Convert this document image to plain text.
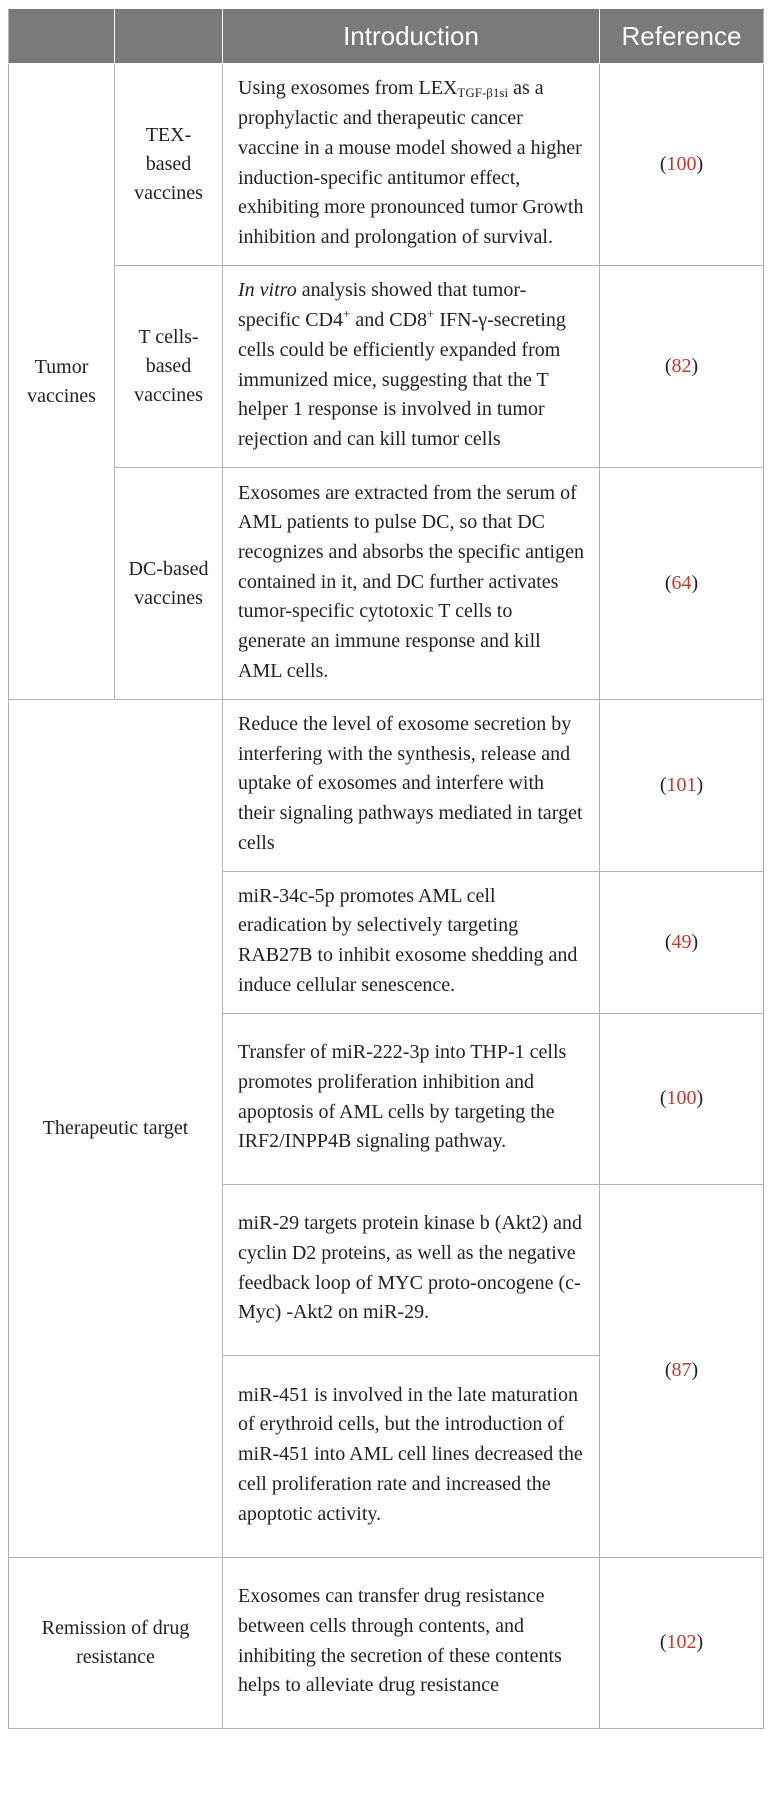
		Introduction	Reference
Tumor vaccines	TEX-based vaccines	Using exosomes from $LEX_{TGF-\beta 1si}$ as a prophylactic and therapeutic cancer vaccine in a mouse model showed a higher induction-specific antitumor effect, exhibiting more pronounced tumor Growth inhibition and prolongation of survival.	(100)
	T cells-based vaccines	In vitro analysis showed that tumor-specific CD4+ and CD8+ IFN-γ-secreting cells could be efficiently expanded from immunized mice, suggesting that the T helper 1 response is involved in tumor rejection and can kill tumor cells	(82)
	DC-based vaccines	Exosomes are extracted from the serum of AML patients to pulse DC, so that DC recognizes and absorbs the specific antigen contained in it, and DC further activates tumor-specific cytotoxic T cells to generate an immune response and kill AML cells.	(64)
Therapeutic target		Reduce the level of exosome secretion by interfering with the synthesis, release and uptake of exosomes and interfere with their signaling pathways mediated in target cells	(101)
		miR-34c-5p promotes AML cell eradication by selectively targeting RAB27B to inhibit exosome shedding and induce cellular senescence.	(49)
		Transfer of miR-222-3p into THP-1 cells promotes proliferation inhibition and apoptosis of AML cells by targeting the IRF2/INPP4B signaling pathway.	(100)
		miR-29 targets protein kinase b (Akt2) and cyclin D2 proteins, as well as the negative feedback loop of MYC proto-oncogene (c-Myc) -Akt2 on miR-29.	(87)
		miR-451 is involved in the late maturation of erythroid cells, but the introduction of miR-451 into AML cell lines decreased the cell proliferation rate and increased the apoptotic activity.	
Remission of drug resistance		Exosomes can transfer drug resistance between cells through contents, and inhibiting the secretion of these contents helps to alleviate drug resistance	(102)
